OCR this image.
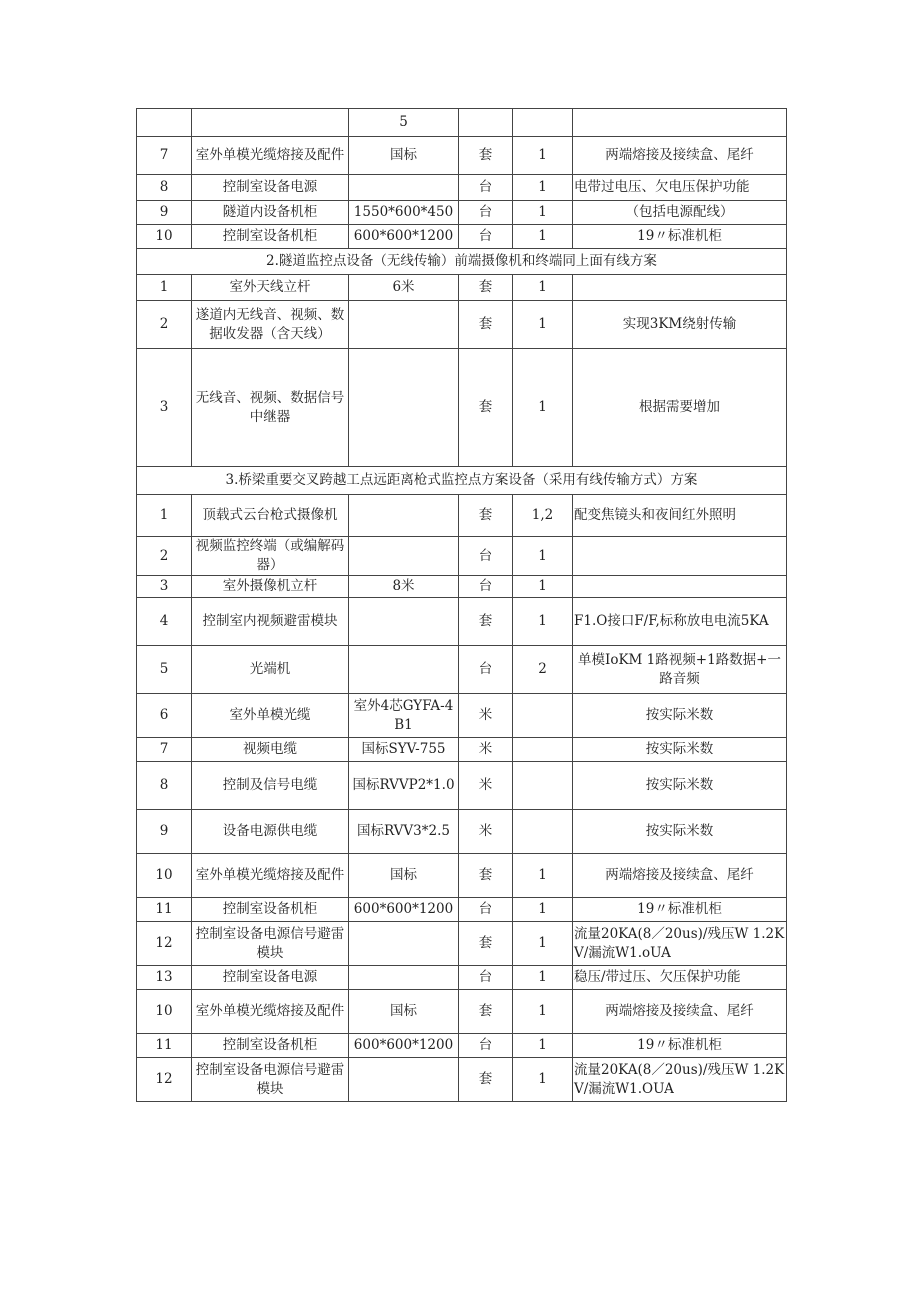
		5			
7	室外单模光缆熔接及配件	国标	套	1	两端熔接及接续盒、尾纤
8	控制室设备电源		台	1	电带过电压、欠电压保护功能
9	隧道内设备机柜	1550*600*450	台	1	（包括电源配线）
10	控制室设备机柜	600*600*1200	台	1	19〃标准机柜
2.隧道监控点设备（无线传输）前端摄像机和终端同上面有线方案					
1	室外天线立杆	6米	套	1	
2	遂道内无线音、视频、数据收发器（含天线）		套	1	实现3KM绕射传输
3	无线音、视频、数据信号中继器		套	1	根据需要增加
3.桥梁重要交叉跨越工点远距离枪式监控点方案设备（采用有线传输方式）方案					
1	顶载式云台枪式摄像机		套	1,2	配变焦镜头和夜间红外照明
2	视频监控终端（或编解码器）		台	1	
3	室外摄像机立杆	8米	台	1	
4	控制室内视频避雷模块		套	1	F1.O接口F/F,标称放电电流5KA
5	光端机		台	2	单模IoKM 1路视频+1路数据+一路音频
6	室外单模光缆	室外4芯GYFA-4B1	米		按实际米数
7	视频电缆	国标SYV-755	米		按实际米数
8	控制及信号电缆	国标RVVP2*1.0	米		按实际米数
9	设备电源供电缆	国标RVV3*2.5	米		按实际米数
10	室外单模光缆熔接及配件	国标	套	1	两端熔接及接续盒、尾纤
11	控制室设备机柜	600*600*1200	台	1	19〃标准机柜
12	控制室设备电源信号避雷模块		套	1	流量20KA(8／20us)/残压W 1.2KV/漏流W1.oUA
13	控制室设备电源		台	1	稳压/带过压、欠压保护功能
10	室外单模光缆熔接及配件	国标	套	1	两端熔接及接续盒、尾纤
11	控制室设备机柜	600*600*1200	台	1	19〃标准机柜
12	控制室设备电源信号避雷模块		套	1	流量20KA(8／20us)/残压W 1.2KV/漏流W1.OUA
